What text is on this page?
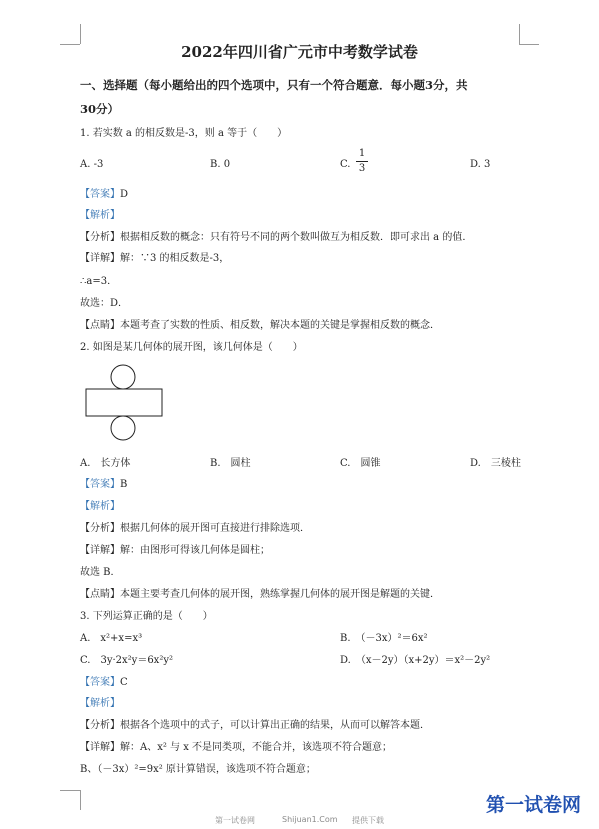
2022年四川省广元市中考数学试卷
一、选择题（每小题给出的四个选项中，只有一个符合题意．每小题3分，共
30分）
1. 若实数 a 的相反数是-3，则 a 等于（　　）
A. -3	B. 0	C.
1
3	D. 3
【答案】D
【解析】
【分析】根据相反数的概念：只有符号不同的两个数叫做互为相反数．即可求出 a 的值．
【详解】解：∵3 的相反数是-3，
∴a=3．
故选：D．
【点睛】本题考查了实数的性质、相反数，解决本题的关键是掌握相反数的概念．
2. 如图是某几何体的展开图，该几何体是（　　）
A.　长方体	B.　圆柱	C.　圆锥	D.　三棱柱
【答案】B
【解析】
【分析】根据几何体的展开图可直接进行排除选项．
【详解】解：由图形可得该几何体是圆柱；
故选 B．
【点睛】本题主要考查几何体的展开图，熟练掌握几何体的展开图是解题的关键．
3. 下列运算正确的是（　　）
A.　x²+x=x³	B.　（－3x）²＝6x²
C.　3y·2x²y＝6x²y²	D.　（x－2y）（x+2y）＝x²－2y²
【答案】C
【解析】
【分析】根据各个选项中的式子，可以计算出正确的结果，从而可以解答本题．
【详解】解：A、x² 与 x 不是同类项，不能合并，该选项不符合题意；
B、（－3x）²=9x² 原计算错误，该选项不符合题意；
第一试卷网	Shijuan1.Com 提供下载
第一试卷网
